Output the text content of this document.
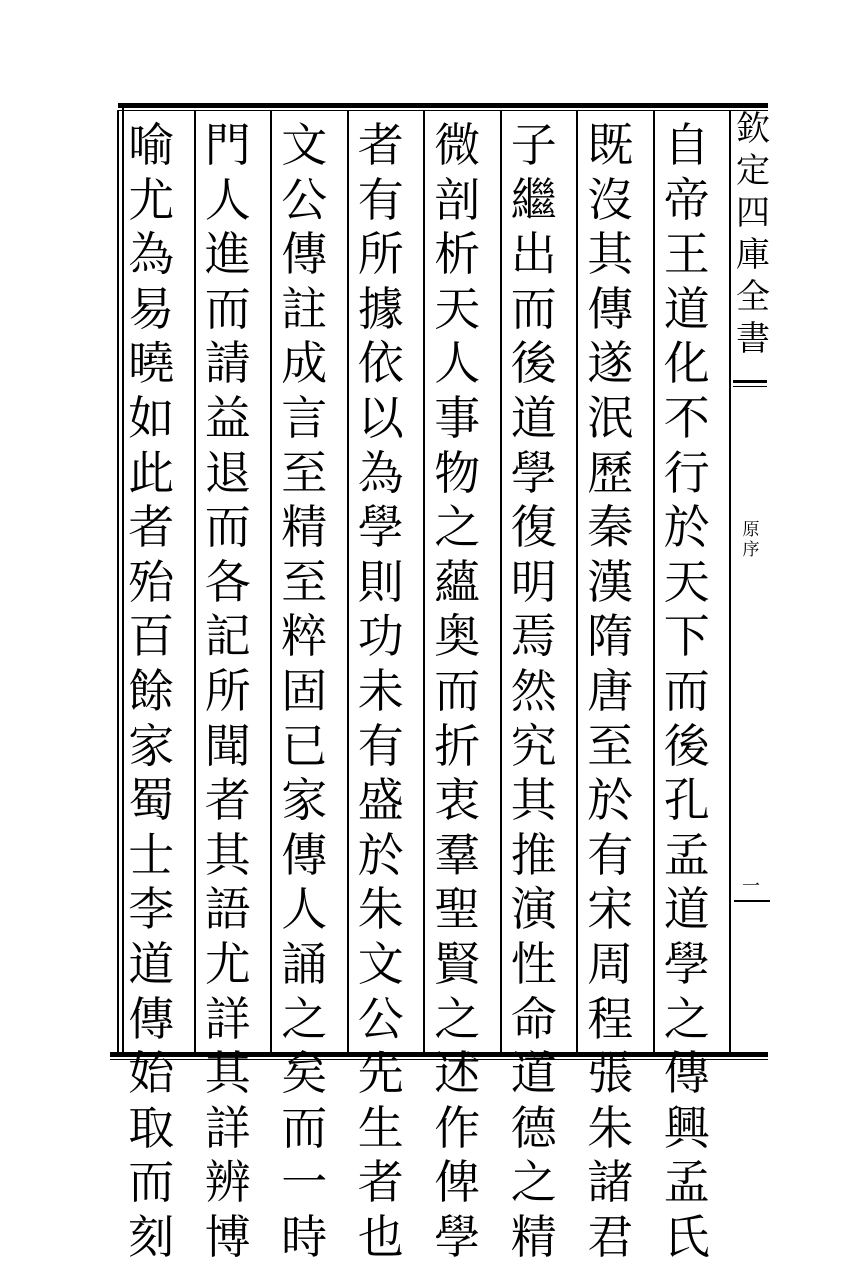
欽
定
四
庫
全
書
原
序
一
自
帝
王
道
化
不
行
於
天
下
而
後
孔
孟
道
學
之
傳
興
孟
氏
既
沒
其
傳
遂
泯
歷
秦
漢
隋
唐
至
於
有
宋
周
程
張
朱
諸
君
子
繼
出
而
後
道
學
復
明
焉
然
究
其
推
演
性
命
道
德
之
精
微
剖
析
天
人
事
物
之
蘊
奥
而
折
衷
羣
聖
賢
之
述
作
俾
學
者
有
所
據
依
以
為
學
則
功
未
有
盛
於
朱
文
公
先
生
者
也
文
公
傳
註
成
言
至
精
至
粹
固
已
家
傳
人
誦
之
矣
而
一
時
門
人
進
而
請
益
退
而
各
記
所
聞
者
其
語
尤
詳
其
詳
辨
博
喻
尤
為
易
曉
如
此
者
殆
百
餘
家
蜀
士
李
道
傳
始
取
而
刻
